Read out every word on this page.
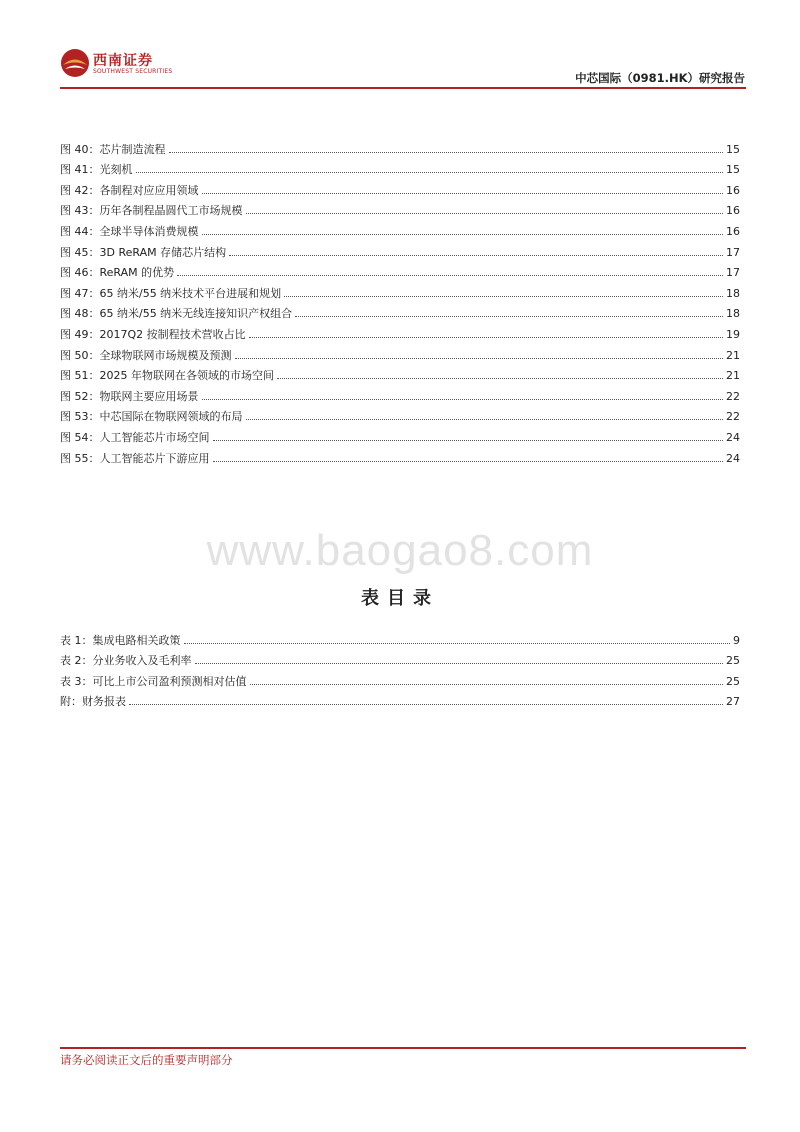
西南证券
SOUTHWEST SECURITIES	中芯国际（0981.HK）研究报告
图 40：芯片制造流程	15
图 41：光刻机	15
图 42：各制程对应应用领域	16
图 43：历年各制程晶圆代工市场规模	16
图 44：全球半导体消费规模	16
图 45：3D ReRAM 存储芯片结构	17
图 46：ReRAM 的优势	17
图 47：65 纳米/55 纳米技术平台进展和规划	18
图 48：65 纳米/55 纳米无线连接知识产权组合	18
图 49：2017Q2 按制程技术营收占比	19
图 50：全球物联网市场规模及预测	21
图 51：2025 年物联网在各领域的市场空间	21
图 52：物联网主要应用场景	22
图 53：中芯国际在物联网领域的布局	22
图 54：人工智能芯片市场空间	24
图 55：人工智能芯片下游应用	24
www.baogao8.com
表目录
表 1：集成电路相关政策	9
表 2：分业务收入及毛利率	25
表 3：可比上市公司盈利预测相对估值	25
附：财务报表	27
请务必阅读正文后的重要声明部分
